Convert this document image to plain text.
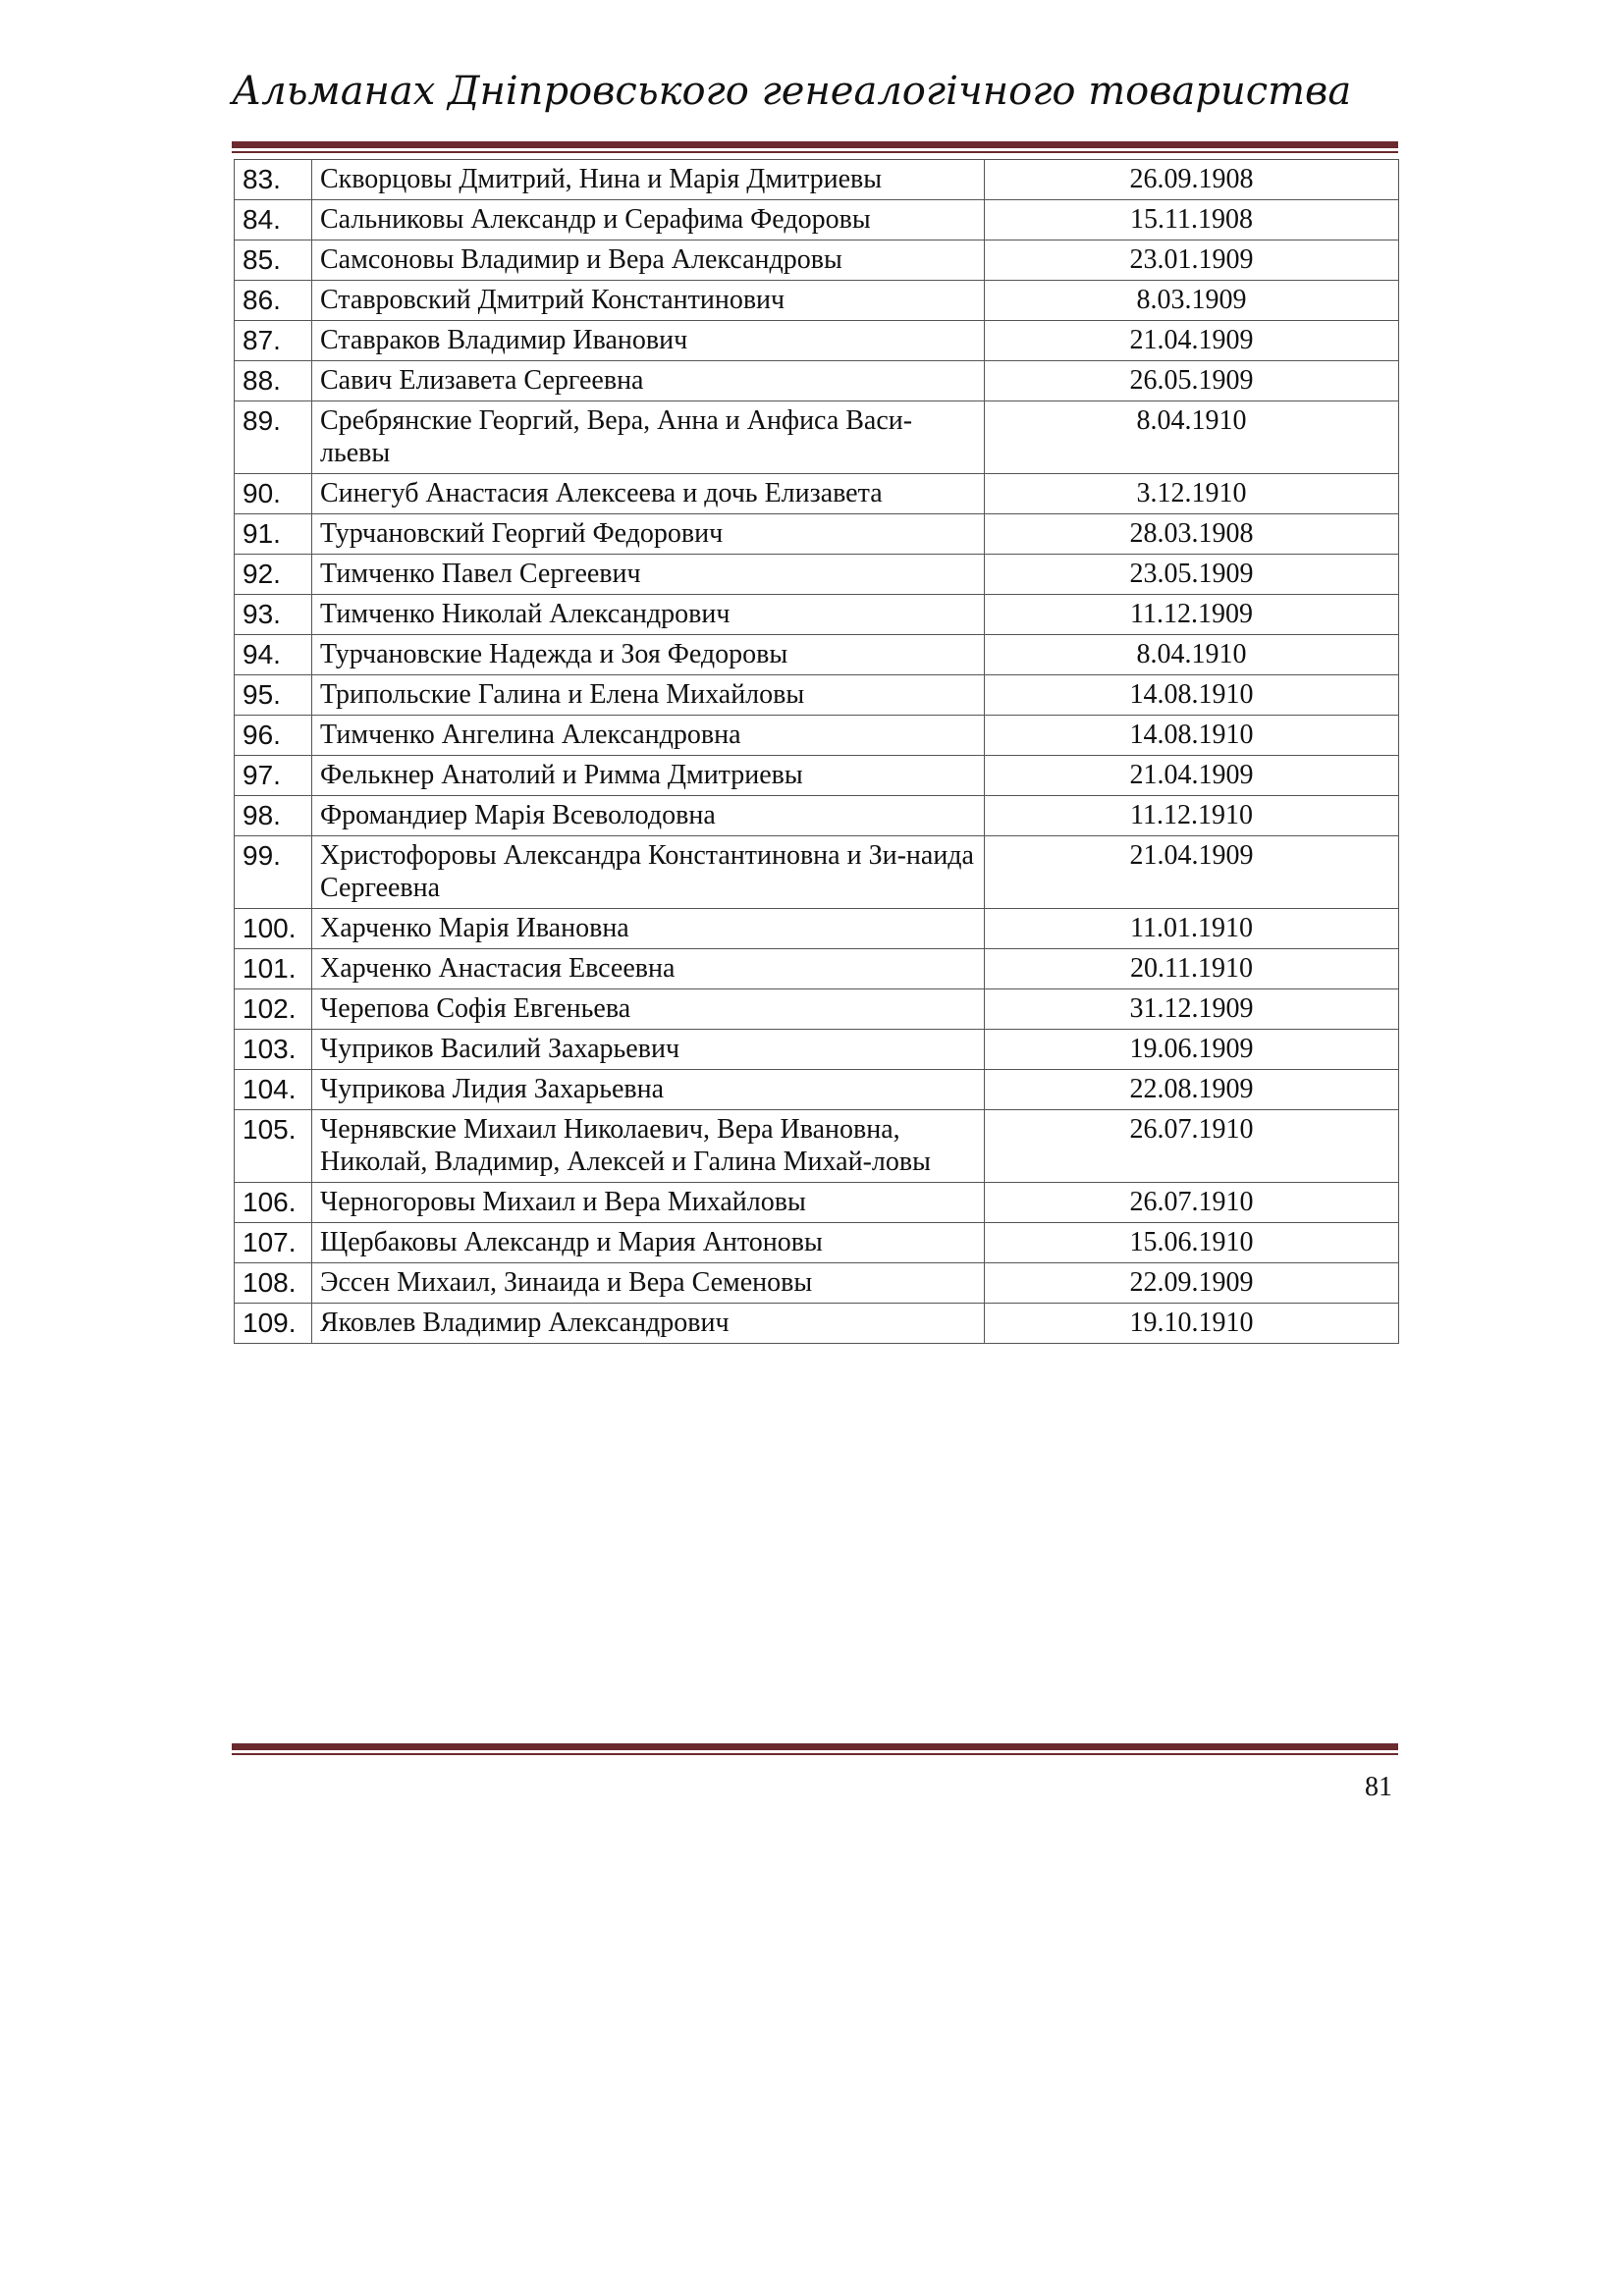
Альманах Дніпровського генеалогічного товариства
83.	Скворцовы Дмитрий, Нина и Марія Дмитриевы	26.09.1908
84.	Сальниковы Александр и Серафима Федоровы	15.11.1908
85.	Самсоновы Владимир и Вера Александровы	23.01.1909
86.	Ставровский Дмитрий Константинович	8.03.1909
87.	Ставраков Владимир Иванович	21.04.1909
88.	Савич Елизавета Сергеевна	26.05.1909
89.	Сребрянские Георгий, Вера, Анна и Анфиса Васи-льевы	8.04.1910
90.	Синегуб Анастасия Алексеева и дочь Елизавета	3.12.1910
91.	Турчановский Георгий Федорович	28.03.1908
92.	Тимченко Павел Сергеевич	23.05.1909
93.	Тимченко Николай Александрович	11.12.1909
94.	Турчановские Надежда и Зоя Федоровы	8.04.1910
95.	Трипольские Галина и Елена Михайловы	14.08.1910
96.	Тимченко Ангелина Александровна	14.08.1910
97.	Фелькнер Анатолий и Римма Дмитриевы	21.04.1909
98.	Фромандиер Марія Всеволодовна	11.12.1910
99.	Христофоровы Александра Константиновна и Зи-наида Сергеевна	21.04.1909
100.	Харченко Марія Ивановна	11.01.1910
101.	Харченко Анастасия Евсеевна	20.11.1910
102.	Черепова Софія Евгеньева	31.12.1909
103.	Чуприков Василий Захарьевич	19.06.1909
104.	Чуприкова Лидия Захарьевна	22.08.1909
105.	Чернявские Михаил Николаевич, Вера Ивановна, Николай, Владимир, Алексей и Галина Михай-ловы	26.07.1910
106.	Черногоровы Михаил и Вера Михайловы	26.07.1910
107.	Щербаковы Александр и Мария Антоновы	15.06.1910
108.	Эссен Михаил, Зинаида и Вера Семеновы	22.09.1909
109.	Яковлев Владимир Александрович	19.10.1910
81
